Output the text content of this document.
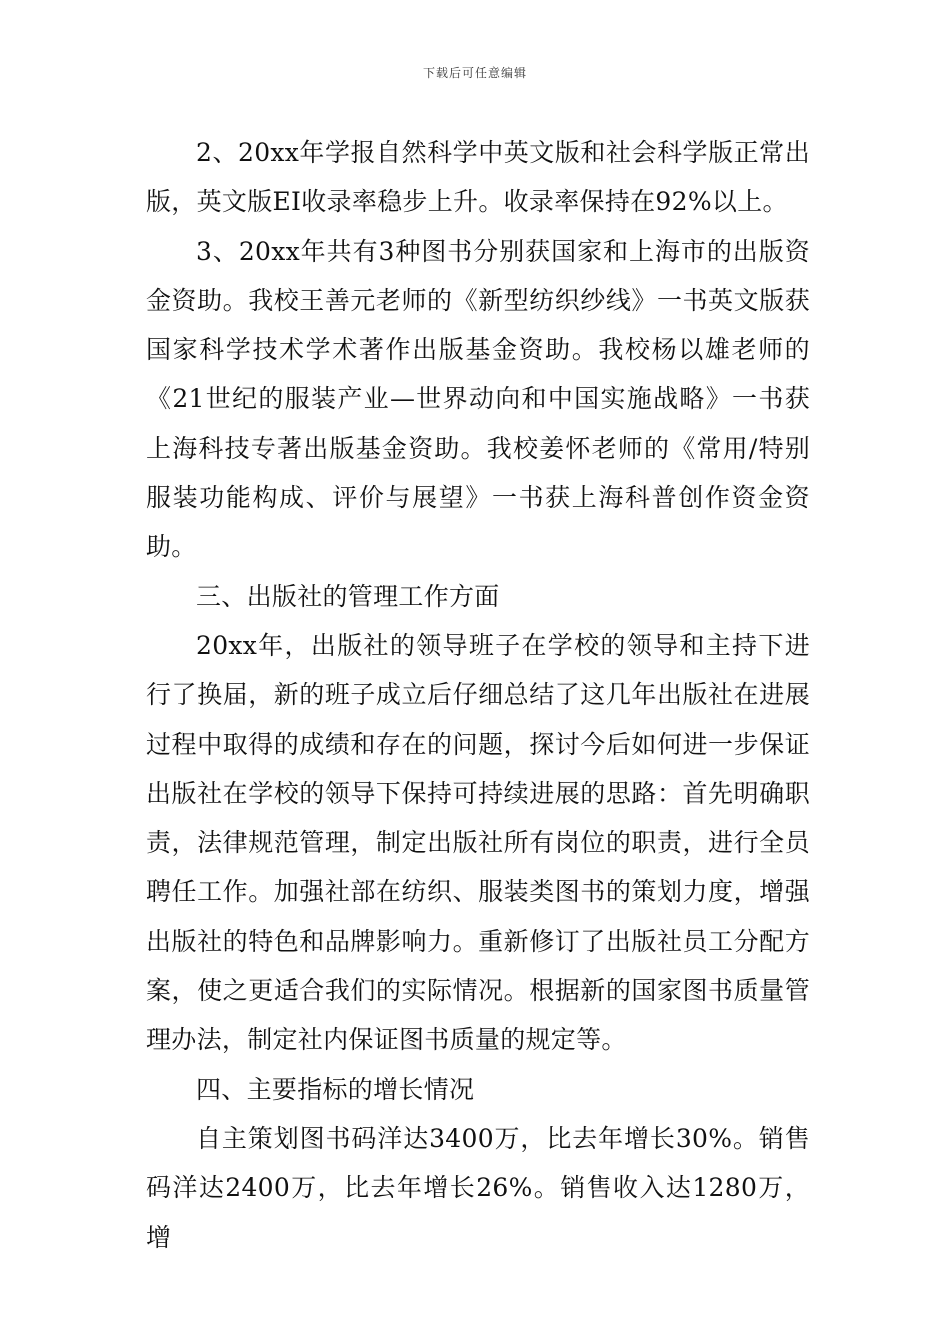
下载后可任意编辑

2、20xx年学报自然科学中英文版和社会科学版正常出版，英文版EI收录率稳步上升。收录率保持在92%以上。

3、20xx年共有3种图书分别获国家和上海市的出版资金资助。我校王善元老师的《新型纺织纱线》一书英文版获国家科学技术学术著作出版基金资助。我校杨以雄老师的《21世纪的服装产业—世界动向和中国实施战略》一书获上海科技专著出版基金资助。我校姜怀老师的《常用/特别服装功能构成、评价与展望》一书获上海科普创作资金资助。

三、出版社的管理工作方面

20xx年，出版社的领导班子在学校的领导和主持下进行了换届，新的班子成立后仔细总结了这几年出版社在进展过程中取得的成绩和存在的问题，探讨今后如何进一步保证出版社在学校的领导下保持可持续进展的思路：首先明确职责，法律规范管理，制定出版社所有岗位的职责，进行全员聘任工作。加强社部在纺织、服装类图书的策划力度，增强出版社的特色和品牌影响力。重新修订了出版社员工分配方案，使之更适合我们的实际情况。根据新的国家图书质量管理办法，制定社内保证图书质量的规定等。

四、主要指标的增长情况

自主策划图书码洋达3400万，比去年增长30%。销售码洋达2400万，比去年增长26%。销售收入达1280万，增
